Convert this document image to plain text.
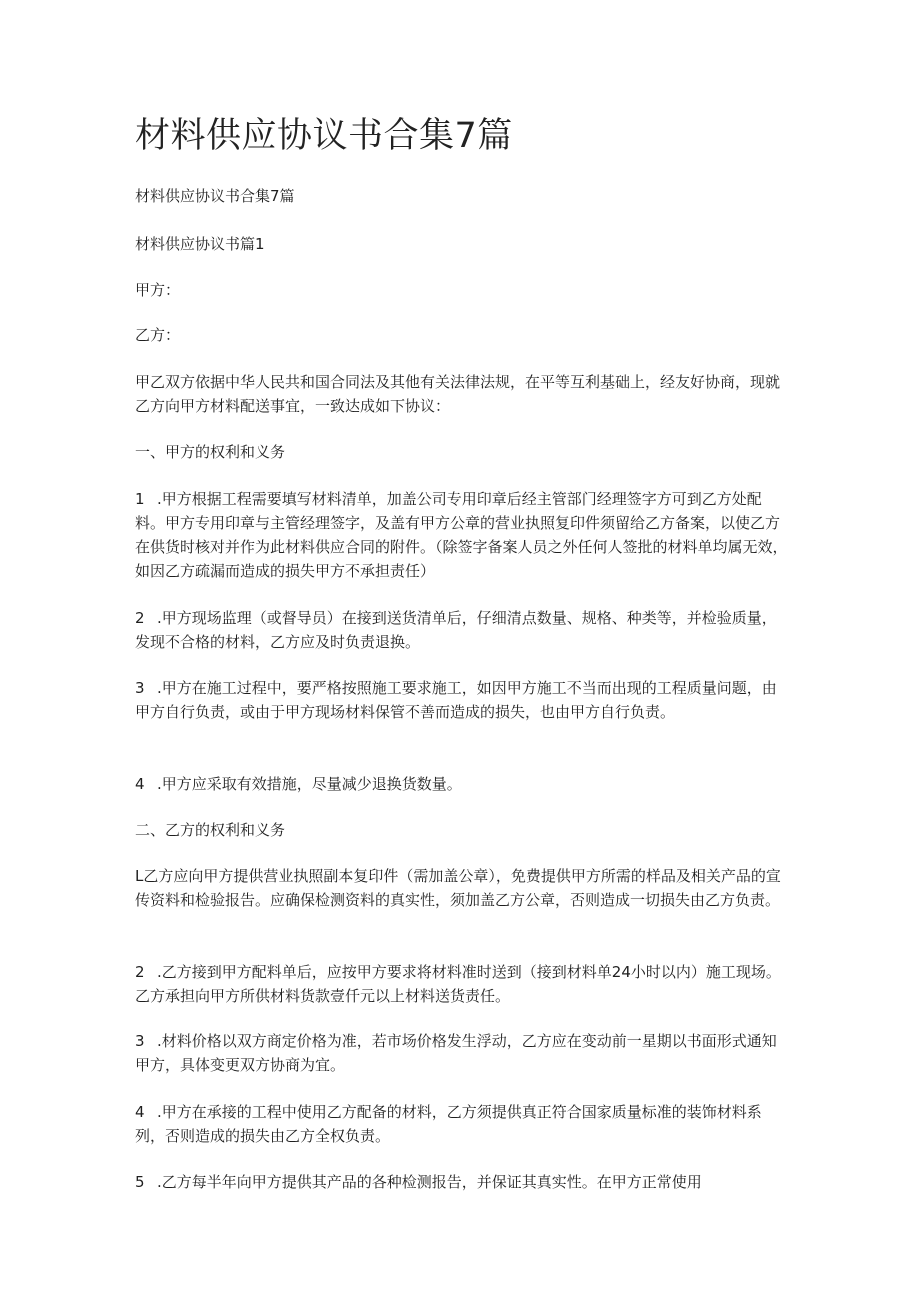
材料供应协议书合集7篇

材料供应协议书合集7篇

材料供应协议书篇1

甲方：

乙方：

甲乙双方依据中华人民共和国合同法及其他有关法律法规，在平等互利基础上，经友好协商，现就乙方向甲方材料配送事宜，一致达成如下协议：

一、甲方的权利和义务

1 .甲方根据工程需要填写材料清单，加盖公司专用印章后经主管部门经理签字方可到乙方处配料。甲方专用印章与主管经理签字，及盖有甲方公章的营业执照复印件须留给乙方备案，以使乙方在供货时核对并作为此材料供应合同的附件。（除签字备案人员之外任何人签批的材料单均属无效，如因乙方疏漏而造成的损失甲方不承担责任）

2 .甲方现场监理（或督导员）在接到送货清单后，仔细清点数量、规格、种类等，并检验质量，发现不合格的材料，乙方应及时负责退换。

3 .甲方在施工过程中，要严格按照施工要求施工，如因甲方施工不当而出现的工程质量问题，由甲方自行负责，或由于甲方现场材料保管不善而造成的损失，也由甲方自行负责。

4 .甲方应采取有效措施，尽量减少退换货数量。

二、乙方的权利和义务

L乙方应向甲方提供营业执照副本复印件（需加盖公章），免费提供甲方所需的样品及相关产品的宣传资料和检验报告。应确保检测资料的真实性，须加盖乙方公章，否则造成一切损失由乙方负责。

2 .乙方接到甲方配料单后，应按甲方要求将材料准时送到（接到材料单24小时以内）施工现场。乙方承担向甲方所供材料货款壹仟元以上材料送货责任。

3 .材料价格以双方商定价格为准，若市场价格发生浮动，乙方应在变动前一星期以书面形式通知甲方，具体变更双方协商为宜。

4 .甲方在承接的工程中使用乙方配备的材料，乙方须提供真正符合国家质量标准的装饰材料系列，否则造成的损失由乙方全权负责。

5 .乙方每半年向甲方提供其产品的各种检测报告，并保证其真实性。在甲方正常使用
